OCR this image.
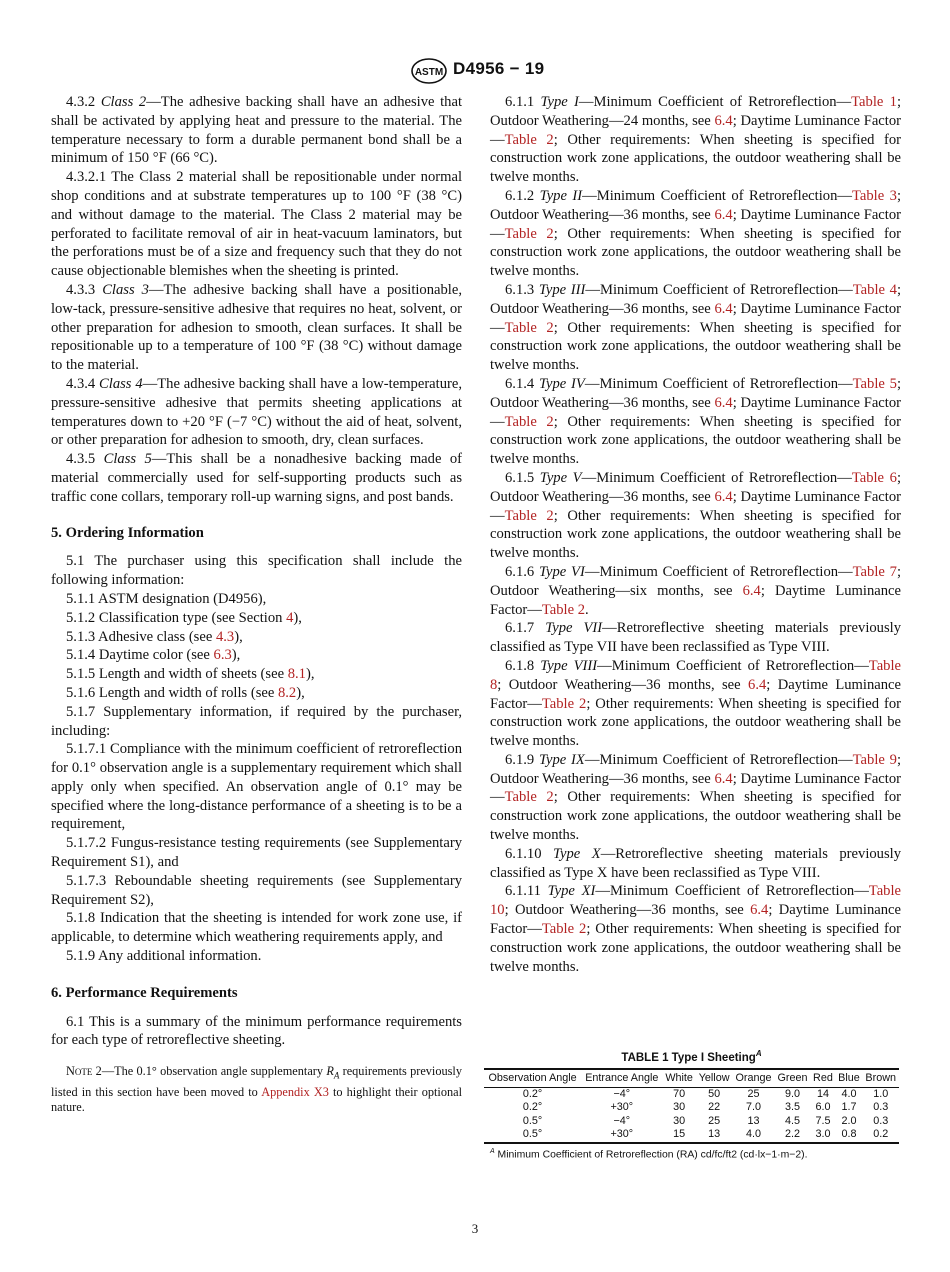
ASTM D4956 − 19

4.3.2 Class 2—The adhesive backing shall have an adhesive that shall be activated by applying heat and pressure to the material. The temperature necessary to form a durable permanent bond shall be a minimum of 150 °F (66 °C).

4.3.2.1 The Class 2 material shall be repositionable under normal shop conditions and at substrate temperatures up to 100 °F (38 °C) and without damage to the material. The Class 2 material may be perforated to facilitate removal of air in heat-vacuum laminators, but the perforations must be of a size and frequency such that they do not cause objectionable blemishes when the sheeting is printed.

4.3.3 Class 3—The adhesive backing shall have a positionable, low-tack, pressure-sensitive adhesive that requires no heat, solvent, or other preparation for adhesion to smooth, clean surfaces. It shall be repositionable up to a temperature of 100 °F (38 °C) without damage to the material.

4.3.4 Class 4—The adhesive backing shall have a low-temperature, pressure-sensitive adhesive that permits sheeting applications at temperatures down to +20 °F (−7 °C) without the aid of heat, solvent, or other preparation for adhesion to smooth, dry, clean surfaces.

4.3.5 Class 5—This shall be a nonadhesive backing made of material commercially used for self-supporting products such as traffic cone collars, temporary roll-up warning signs, and post bands.

5. Ordering Information

5.1 The purchaser using this specification shall include the following information:

5.1.1 ASTM designation (D4956),

5.1.2 Classification type (see Section 4),

5.1.3 Adhesive class (see 4.3),

5.1.4 Daytime color (see 6.3),

5.1.5 Length and width of sheets (see 8.1),

5.1.6 Length and width of rolls (see 8.2),

5.1.7 Supplementary information, if required by the purchaser, including:

5.1.7.1 Compliance with the minimum coefficient of retroreflection for 0.1° observation angle is a supplementary requirement which shall apply only when specified. An observation angle of 0.1° may be specified where the long-distance performance of a sheeting is to be a requirement,

5.1.7.2 Fungus-resistance testing requirements (see Supplementary Requirement S1), and

5.1.7.3 Reboundable sheeting requirements (see Supplementary Requirement S2),

5.1.8 Indication that the sheeting is intended for work zone use, if applicable, to determine which weathering requirements apply, and

5.1.9 Any additional information.

6. Performance Requirements

6.1 This is a summary of the minimum performance requirements for each type of retroreflective sheeting.

Note 2—The 0.1° observation angle supplementary $R_A$ requirements previously listed in this section have been moved to Appendix X3 to highlight their optional nature.

6.1.1 Type I—Minimum Coefficient of Retroreflection—Table 1; Outdoor Weathering—24 months, see 6.4; Daytime Luminance Factor—Table 2; Other requirements: When sheeting is specified for construction work zone applications, the outdoor weathering shall be twelve months.

6.1.2 Type II—Minimum Coefficient of Retroreflection—Table 3; Outdoor Weathering—36 months, see 6.4; Daytime Luminance Factor—Table 2; Other requirements: When sheeting is specified for construction work zone applications, the outdoor weathering shall be twelve months.

6.1.3 Type III—Minimum Coefficient of Retroreflection—Table 4; Outdoor Weathering—36 months, see 6.4; Daytime Luminance Factor—Table 2; Other requirements: When sheeting is specified for construction work zone applications, the outdoor weathering shall be twelve months.

6.1.4 Type IV—Minimum Coefficient of Retroreflection—Table 5; Outdoor Weathering—36 months, see 6.4; Daytime Luminance Factor—Table 2; Other requirements: When sheeting is specified for construction work zone applications, the outdoor weathering shall be twelve months.

6.1.5 Type V—Minimum Coefficient of Retroreflection—Table 6; Outdoor Weathering—36 months, see 6.4; Daytime Luminance Factor—Table 2; Other requirements: When sheeting is specified for construction work zone applications, the outdoor weathering shall be twelve months.

6.1.6 Type VI—Minimum Coefficient of Retroreflection—Table 7; Outdoor Weathering—six months, see 6.4; Daytime Luminance Factor—Table 2.

6.1.7 Type VII—Retroreflective sheeting materials previously classified as Type VII have been reclassified as Type VIII.

6.1.8 Type VIII—Minimum Coefficient of Retroreflection—Table 8; Outdoor Weathering—36 months, see 6.4; Daytime Luminance Factor—Table 2; Other requirements: When sheeting is specified for construction work zone applications, the outdoor weathering shall be twelve months.

6.1.9 Type IX—Minimum Coefficient of Retroreflection—Table 9; Outdoor Weathering—36 months, see 6.4; Daytime Luminance Factor—Table 2; Other requirements: When sheeting is specified for construction work zone applications, the outdoor weathering shall be twelve months.

6.1.10 Type X—Retroreflective sheeting materials previously classified as Type X have been reclassified as Type VIII.

6.1.11 Type XI—Minimum Coefficient of Retroreflection—Table 10; Outdoor Weathering—36 months, see 6.4; Daytime Luminance Factor—Table 2; Other requirements: When sheeting is specified for construction work zone applications, the outdoor weathering shall be twelve months.

TABLE 1 Type I Sheeting$^A$
Observation Angle	Entrance Angle	White	Yellow	Orange	Green	Red	Blue	Brown
0.2°	−4°	70	50	25	9.0	14	4.0	1.0
0.2°	+30°	30	22	7.0	3.5	6.0	1.7	0.3
0.5°	−4°	30	25	13	4.5	7.5	2.0	0.3
0.5°	+30°	15	13	4.0	2.2	3.0	0.8	0.2
$^A$ Minimum Coefficient of Retroreflection (RA) cd/fc/ft2 (cd·lx−1·m−2).
3
